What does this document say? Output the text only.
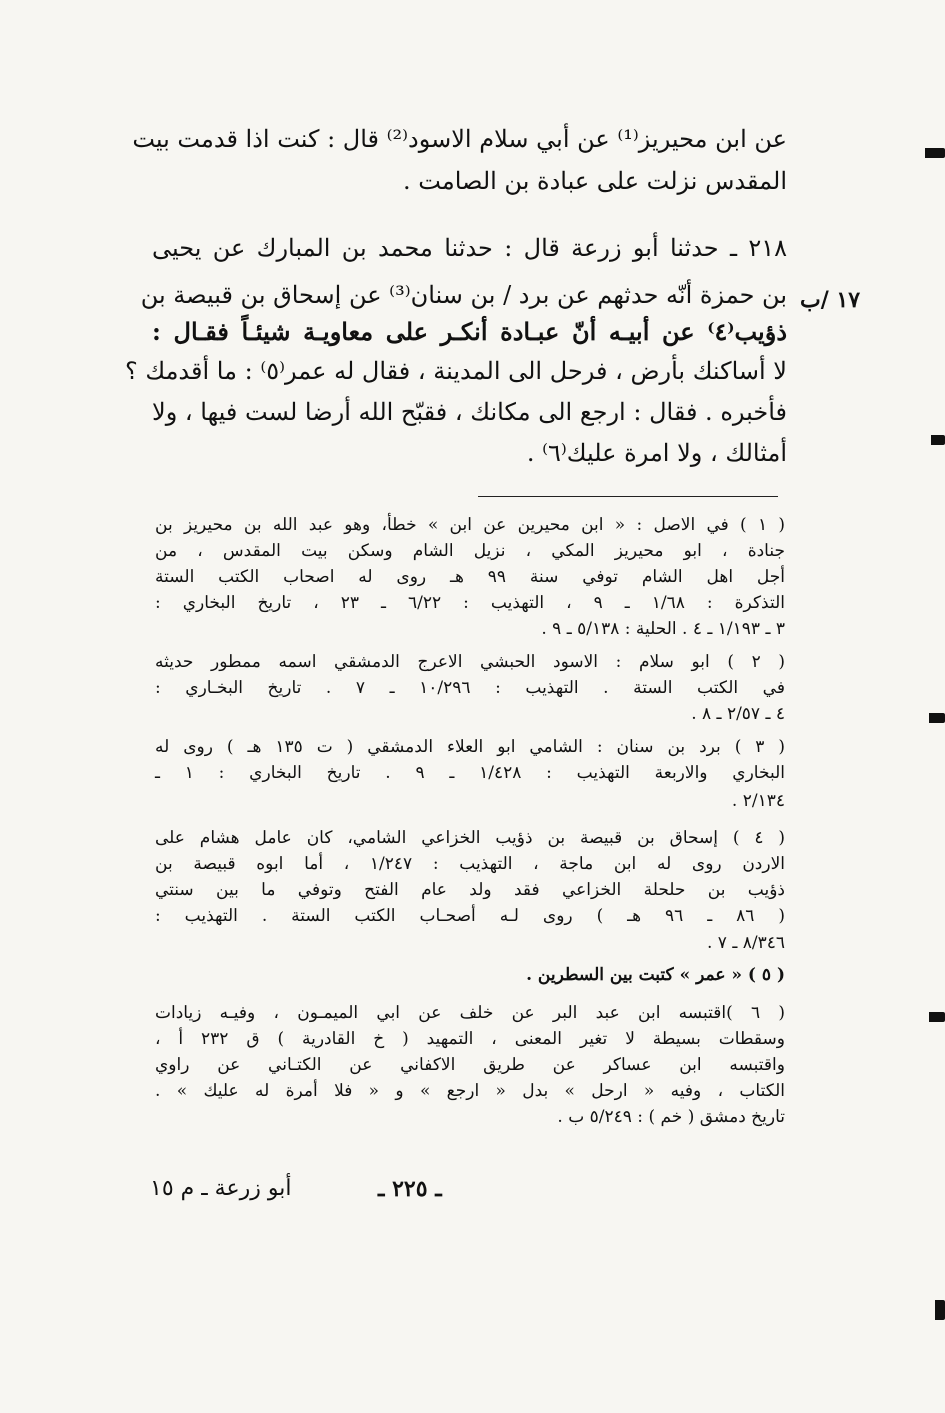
عن ابن محيريز⁽¹⁾ عن أبي سلام الاسود⁽²⁾ قال : كنت اذا قدمت بيت
المقدس نزلت على عبادة بن الصامت .
٢١٨ ـ حدثنا أبو زرعة قال : حدثنا محمد بن المبارك عن يحيى
بن حمزة أنّه حدثهم عن برد / بن سنان⁽³⁾ عن إسحاق بن قبيصة بن
ذؤيب⁽٤⁾ عن أبيـه أنّ عبـادة أنكـر على معاويـة شيئـاً فقـال :
لا أساكنك بأرض ، فرحل الى المدينة ، فقال له عمر⁽٥⁾ : ما أقدمك ؟
فأخبره . فقال : ارجع الى مكانك ، فقبّح الله أرضا لست فيها ، ولا
أمثالك ، ولا امرة عليك⁽٦⁾ .
١٧ /ب
( ١ ) في الاصل : « ابن محيرين عن ابن » خطأ، وهو عبد الله بن محيريز بن
جنادة ، ابو محيريز المكي ، نزيل الشام وسكن بيت المقدس ، من
أجل اهل الشام توفي سنة ٩٩ هـ روى له اصحاب الكتب الستة
التذكرة : ١/٦٨ ـ ٩ ، التهذيب : ٦/٢٢ ـ ٢٣ ، تاريخ البخاري :
٣ ـ ١/١٩٣ ـ ٤ . الحلية : ٥/١٣٨ ـ ٩ .
( ٢ ) ابو سلام : الاسود الحبشي الاعرج الدمشقي اسمه ممطور حديثه
في الكتب الستة . التهذيب : ١٠/٢٩٦ ـ ٧ . تاريخ البخـاري :
٤ ـ ٢/٥٧ ـ ٨ .
( ٣ ) برد بن سنان : الشامي ابو العلاء الدمشقي ( ت ١٣٥ هـ ) روى له
البخاري والاربعة التهذيب : ١/٤٢٨ ـ ٩ . تاريخ البخاري : ١ ـ
٢/١٣٤ .
( ٤ ) إسحاق بن قبيصة بن ذؤيب الخزاعي الشامي، كان عامل هشام على
الاردن روى له ابن ماجة ، التهذيب : ١/٢٤٧ ، أما ابوه قبيصة بن
ذؤيب بن حلحلة الخزاعي فقد ولد عام الفتح وتوفي ما بين سنتي
( ٨٦ ـ ٩٦ هـ ) روى لـه أصحـاب الكتب الستة . التهذيب :
٨/٣٤٦ ـ ٧ .
( ٥ ) « عمر » كتبت بين السطرين .
( ٦ )اقتبسه ابن عبد البر عن خلف عن ابي الميمـون ، وفيـه زيادات
وسقطات بسيطة لا تغير المعنى ، التمهيد ( خ القادرية ) ق ٢٣٢ أ ،
واقتبسه ابن عساكر عن طريق الاكفاني عن الكتـاني عن راوي
الكتاب ، وفيه « ارحل » بدل « ارجع » و « فلا أمرة له عليك » .
تاريخ دمشق ( خم ) : ٥/٢٤٩ ب .
ـ ٢٢٥ ـ
أبو زرعة ـ م ١٥
